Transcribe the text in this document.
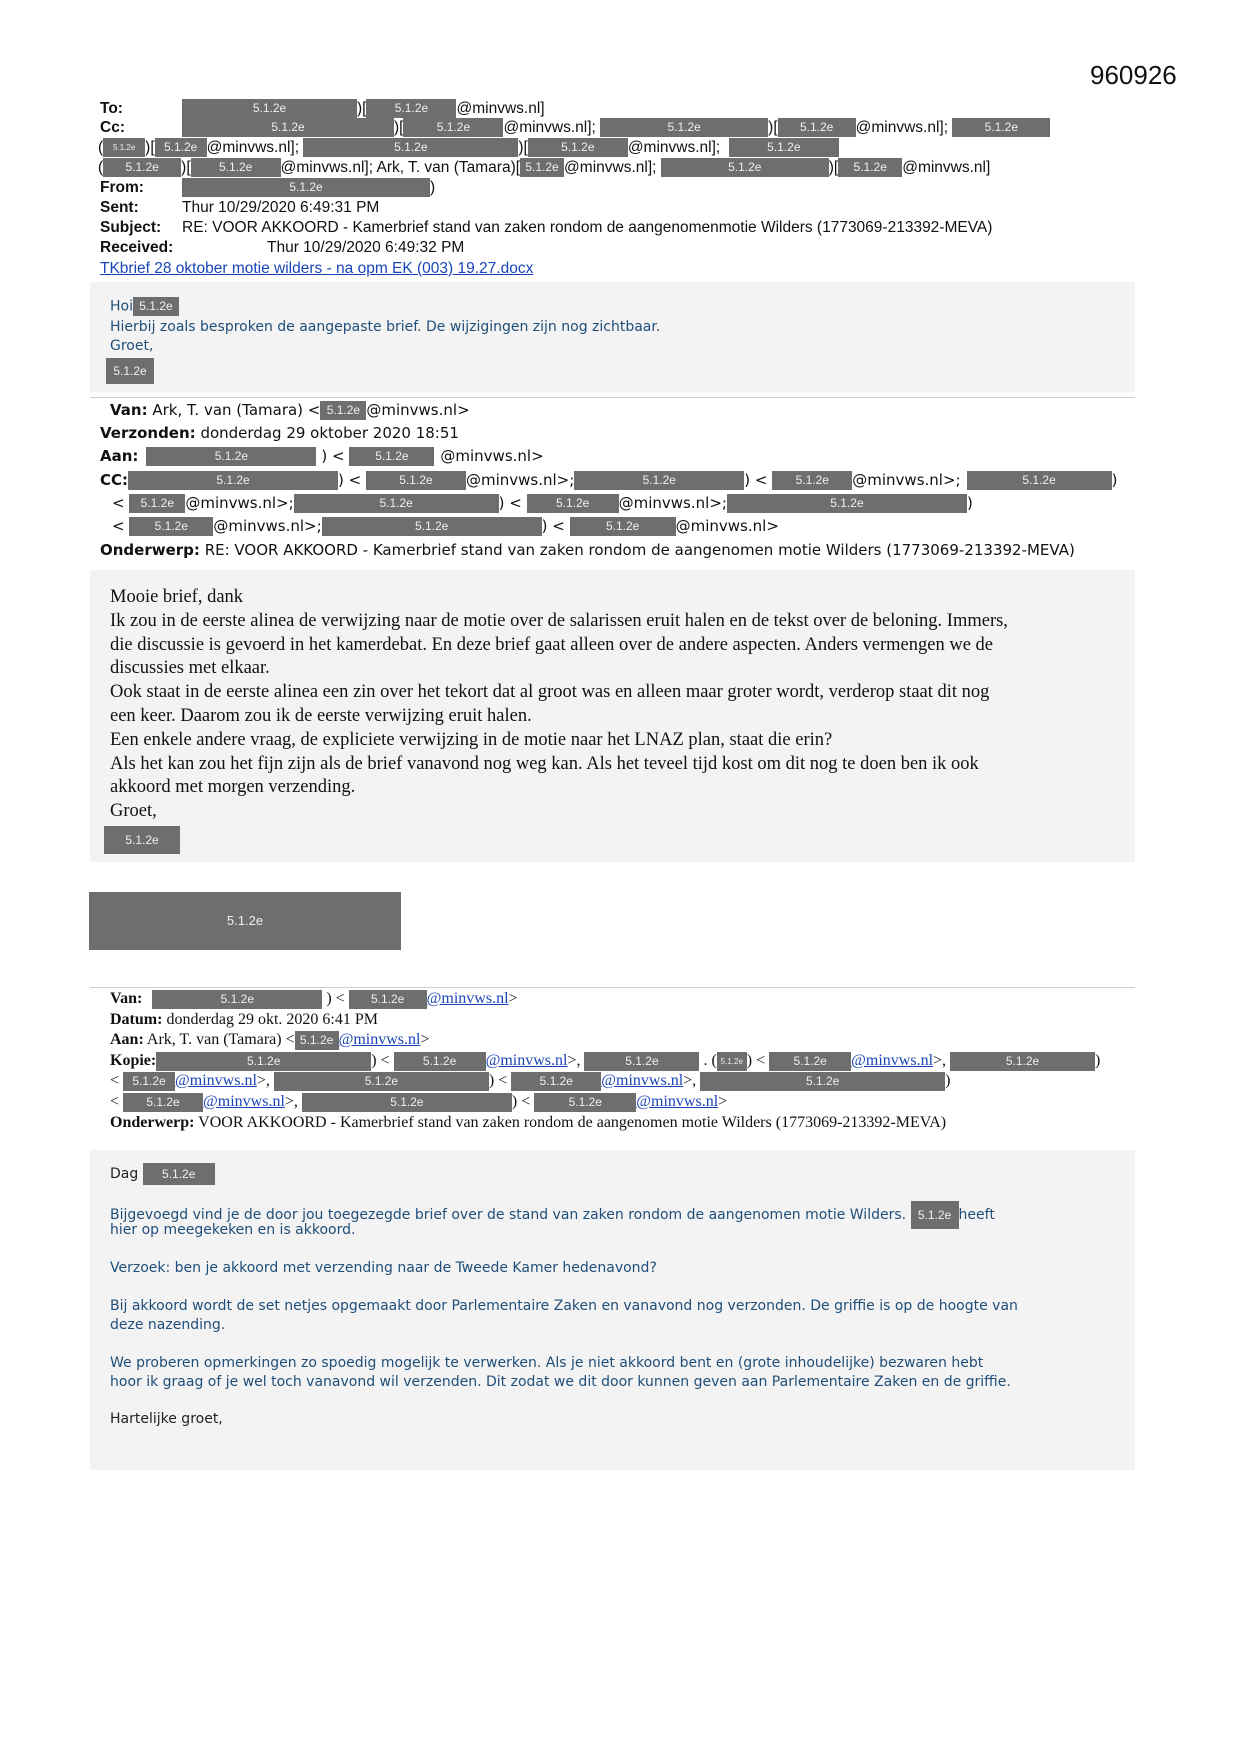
960926
To:	5.1.2e	)[ 5.1.2e @minvws.nl]
Cc:	5.1.2e	)[	5.1.2e @minvws.nl];	5.1.2e	)[ 5.1.2e @minvws.nl];	5.1.2e
( 5.1.2e )[ 5.1.2e @minvws.nl];	5.1.2e	)[	5.1.2e @minvws.nl];	5.1.2e
( 5.1.2e )[ 5.1.2e @minvws.nl]; Ark, T. van (Tamara)[ 5.1.2e @minvws.nl];	5.1.2e	)[ 5.1.2e @minvws.nl]
From:	5.1.2e	)
Sent:	Thur 10/29/2020 6:49:31 PM
Subject: RE: VOOR AKKOORD - Kamerbrief stand van zaken rondom de aangenomenmotie Wilders (1773069-213392-MEVA)
Received:	Thur 10/29/2020 6:49:32 PM
TKbrief 28 oktober motie wilders - na opm EK (003) 19.27.docx
Hoi 5.1.2e
Hierbij zoals besproken de aangepaste brief. De wijzigingen zijn nog zichtbaar.
Groet,
5.1.2e
Van: Ark, T. van (Tamara) < 5.1.2e @minvws.nl>
Verzonden: donderdag 29 oktober 2020 18:51
Aan:	5.1.2e	) < 5.1.2e @minvws.nl>
CC:	5.1.2e	) <	5.1.2e @minvws.nl>;	5.1.2e	) < 5.1.2e @minvws.nl>;	5.1.2e	)
< 5.1.2e @minvws.nl>;	5.1.2e	) < 5.1.2e @minvws.nl>;	5.1.2e	)
< 5.1.2e @minvws.nl>;	5.1.2e	) <	5.1.2e @minvws.nl>
Onderwerp: RE: VOOR AKKOORD - Kamerbrief stand van zaken rondom de aangenomen motie Wilders (1773069-213392-MEVA)
Mooie brief, dank
Ik zou in de eerste alinea de verwijzing naar de motie over de salarissen eruit halen en de tekst over de beloning. Immers,
die discussie is gevoerd in het kamerdebat. En deze brief gaat alleen over de andere aspecten. Anders vermengen we de
discussies met elkaar.
Ook staat in de eerste alinea een zin over het tekort dat al groot was en alleen maar groter wordt, verderop staat dit nog
een keer. Daarom zou ik de eerste verwijzing eruit halen.
Een enkele andere vraag, de expliciete verwijzing in de motie naar het LNAZ plan, staat die erin?
Als het kan zou het fijn zijn als de brief vanavond nog weg kan. Als het teveel tijd kost om dit nog te doen ben ik ook
akkoord met morgen verzending.
Groet,
5.1.2e
5.1.2e
Van:	5.1.2e	) < 5.1.2e @minvws.nl>
Datum: donderdag 29 okt. 2020 6:41 PM
Aan: Ark, T. van (Tamara) < 5.1.2e @minvws.nl>
Kopie:	5.1.2e	) < 5.1.2e @minvws.nl>,	5.1.2e	. ( 5.1.2e ) < 5.1.2e @minvws.nl>,	5.1.2e	)
< 5.1.2e @minvws.nl>,	5.1.2e	) < 5.1.2e @minvws.nl>,	5.1.2e	)
< 5.1.2e @minvws.nl>,	5.1.2e	) <	5.1.2e @minvws.nl>
Onderwerp: VOOR AKKOORD - Kamerbrief stand van zaken rondom de aangenomen motie Wilders (1773069-213392-MEVA)
Dag 5.1.2e
Bijgevoegd vind je de door jou toegezegde brief over de stand van zaken rondom de aangenomen motie Wilders. 5.1.2e heeft
hier op meegekeken en is akkoord.
Verzoek: ben je akkoord met verzending naar de Tweede Kamer hedenavond?
Bij akkoord wordt de set netjes opgemaakt door Parlementaire Zaken en vanavond nog verzonden. De griffie is op de hoogte van
deze nazending.
We proberen opmerkingen zo spoedig mogelijk te verwerken. Als je niet akkoord bent en (grote inhoudelijke) bezwaren hebt
hoor ik graag of je wel toch vanavond wil verzenden. Dit zodat we dit door kunnen geven aan Parlementaire Zaken en de griffie.
Hartelijke groet,
